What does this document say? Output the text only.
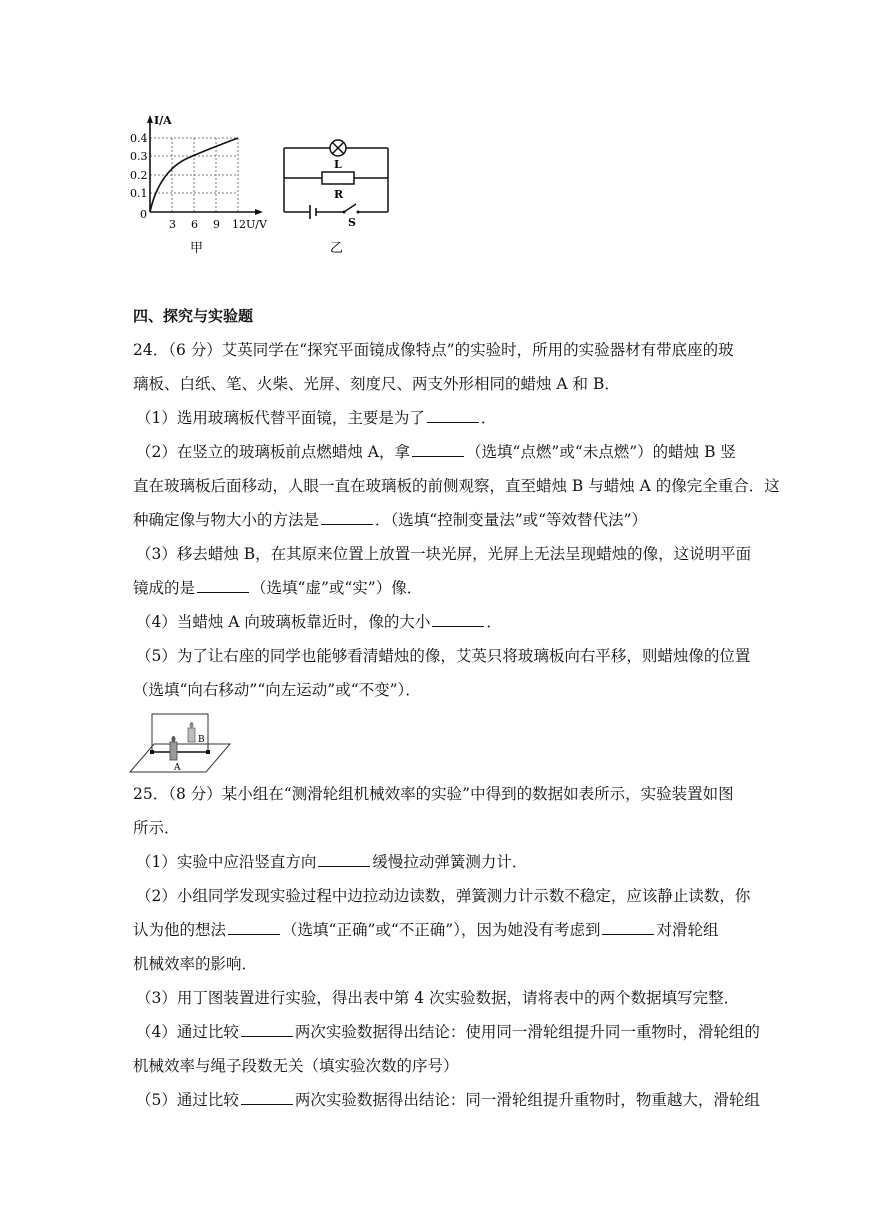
I/A
0.4
0.3
0.2
0.1
0
3 6 9 12 U/V
甲
L
R
S
乙
四、探究与实验题
24．（6 分）艾英同学在“探究平面镜成像特点”的实验时，所用的实验器材有带底座的玻
璃板、白纸、笔、火柴、光屏、刻度尺、两支外形相同的蜡烛 A 和 B．
（1）选用玻璃板代替平面镜，主要是为了	．
（2）在竖立的玻璃板前点燃蜡烛 A，拿	（选填“点燃”或“未点燃”）的蜡烛 B 竖
直在玻璃板后面移动，人眼一直在玻璃板的前侧观察，直至蜡烛 B 与蜡烛 A 的像完全重合．这
种确定像与物大小的方法是	．（选填“控制变量法”或“等效替代法”）
（3）移去蜡烛 B，在其原来位置上放置一块光屏，光屏上无法呈现蜡烛的像，这说明平面
镜成的是	（选填“虚”或“实”）像．
（4）当蜡烛 A 向玻璃板靠近时，像的大小	．
（5）为了让右座的同学也能够看清蜡烛的像，艾英只将玻璃板向右平移，则蜡烛像的位置
（选填“向右移动”“向左运动”或“不变”）．
A
B
25．（8 分）某小组在“测滑轮组机械效率的实验”中得到的数据如表所示，实验装置如图
所示．
（1）实验中应沿竖直方向	缓慢拉动弹簧测力计．
（2）小组同学发现实验过程中边拉动边读数，弹簧测力计示数不稳定，应该静止读数，你
认为他的想法	（选填“正确”或“不正确”），因为她没有考虑到	对滑轮组
机械效率的影响．
（3）用丁图装置进行实验，得出表中第 4 次实验数据，请将表中的两个数据填写完整．
（4）通过比较	两次实验数据得出结论：使用同一滑轮组提升同一重物时，滑轮组的
机械效率与绳子段数无关（填实验次数的序号）
（5）通过比较	两次实验数据得出结论：同一滑轮组提升重物时，物重越大，滑轮组
